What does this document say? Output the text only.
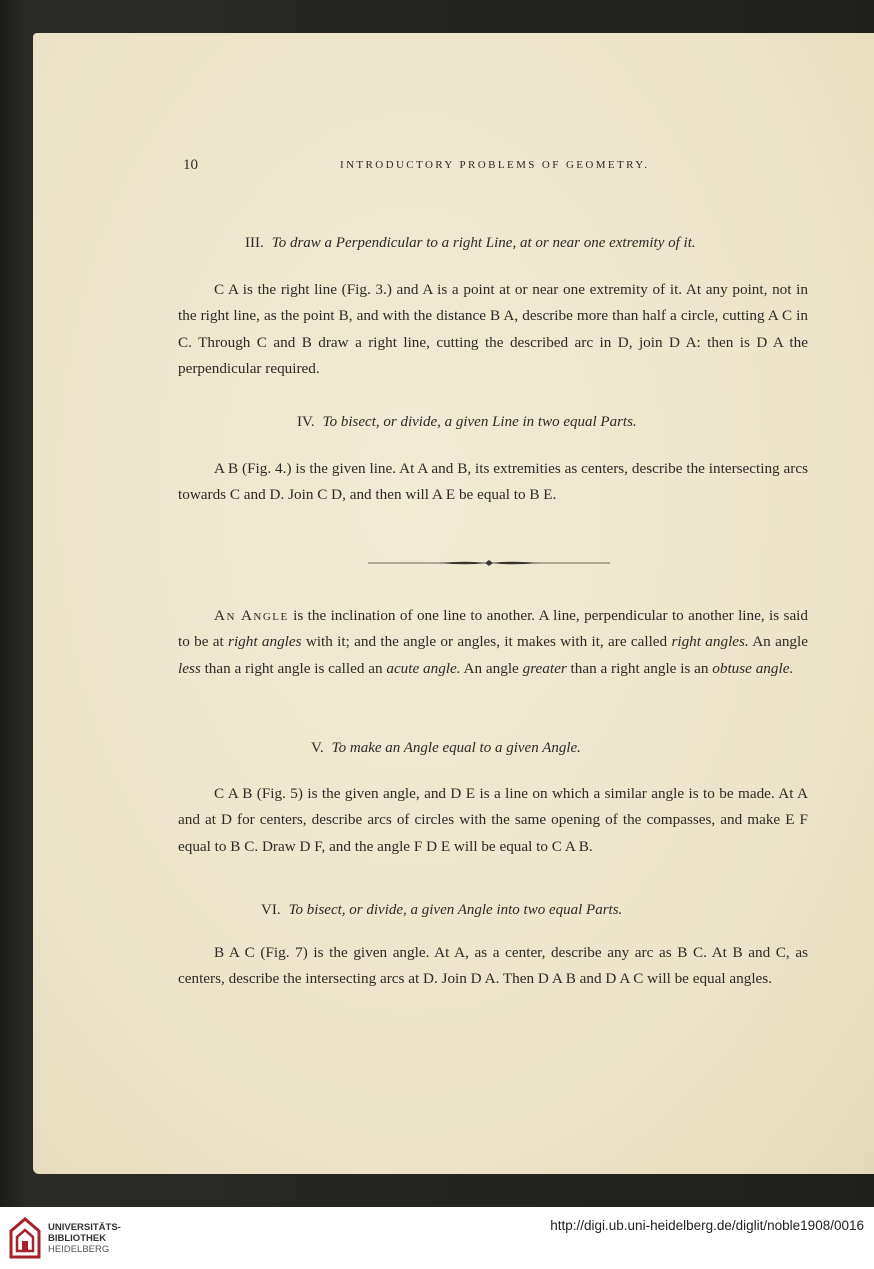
10	INTRODUCTORY PROBLEMS OF GEOMETRY.
III. To draw a Perpendicular to a right Line, at or near one extremity of it.
C A is the right line (Fig. 3.) and A is a point at or near one extremity of it. At any point, not in the right line, as the point B, and with the distance B A, describe more than half a circle, cutting A C in C. Through C and B draw a right line, cutting the described arc in D, join D A: then is D A the perpendicular required.
IV. To bisect, or divide, a given Line in two equal Parts.
A B (Fig. 4.) is the given line. At A and B, its extremities as centers, describe the intersecting arcs towards C and D. Join C D, and then will A E be equal to B E.
An Angle is the inclination of one line to another. A line, perpendicular to another line, is said to be at right angles with it; and the angle or angles, it makes with it, are called right angles. An angle less than a right angle is called an acute angle. An angle greater than a right angle is an obtuse angle.
V. To make an Angle equal to a given Angle.
C A B (Fig. 5) is the given angle, and D E is a line on which a similar angle is to be made. At A and at D for centers, describe arcs of circles with the same opening of the compasses, and make E F equal to B C. Draw D F, and the angle F D E will be equal to C A B.
VI. To bisect, or divide, a given Angle into two equal Parts.
B A C (Fig. 7) is the given angle. At A, as a center, describe any arc as B C. At B and C, as centers, describe the intersecting arcs at D. Join D A. Then D A B and D A C will be equal angles.
UNIVERSITÄTS-
BIBLIOTHEK
HEIDELBERG
http://digi.ub.uni-heidelberg.de/diglit/noble1908/0016
